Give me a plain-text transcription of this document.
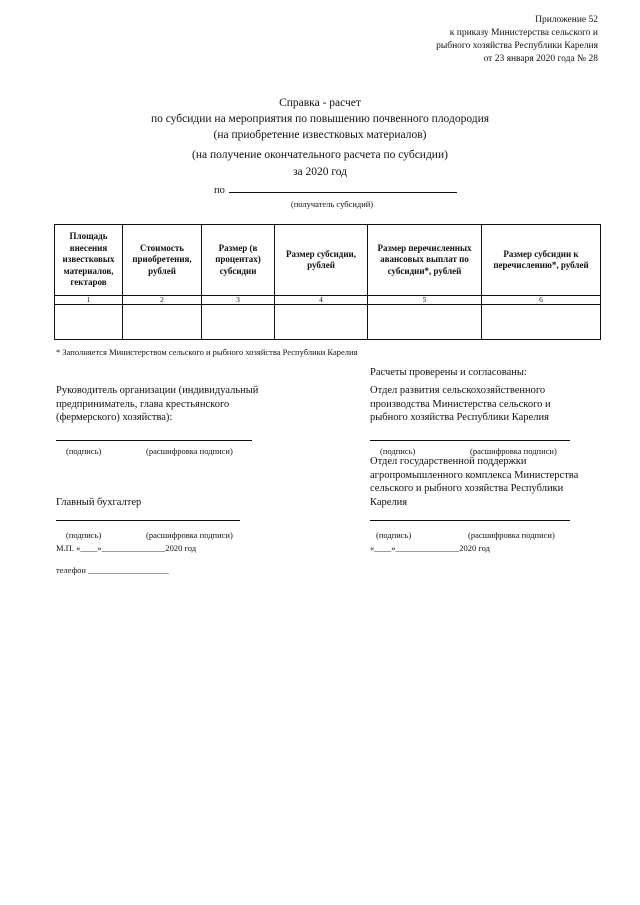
Приложение 52
к приказу Министерства сельского и
рыбного хозяйства Республики Карелия
от 23 января 2020 года № 28
Справка - расчет
по субсидии на мероприятия по повышению почвенного плодородия
(на приобретение известковых материалов)
(на получение окончательного расчета по субсидии)
за 2020 год
по
(получатель субсидий)
Площадь внесения известковых материалов, гектаров	Стоимость приобретения, рублей	Размер (в процентах) субсидии	Размер субсидии, рублей	Размер перечисленных авансовых выплат по субсидии*, рублей	Размер субсидии к перечислению*, рублей
1	2	3	4	5	6

* Заполняется Министерством сельского и рыбного хозяйства Республики Карелия
Расчеты проверены и согласованы:
Руководитель организации (индивидуальный
предприниматель, глава крестьянского
(фермерского) хозяйства):
(подпись)	(расшифровка подписи)
Главный бухгалтер
(подпись)	(расшифровка подписи)
М.П. «____»_______________2020 год
телефон ___________________
Отдел развития сельскохозяйственного
производства Министерства сельского и
рыбного хозяйства Республики Карелия
(подпись)	(расшифровка подписи)
Отдел государственной поддержки
агропромышленного комплекса Министерства
сельского и рыбного хозяйства Республики
Карелия
(подпись)	(расшифровка подписи)
«____»_______________2020 год
